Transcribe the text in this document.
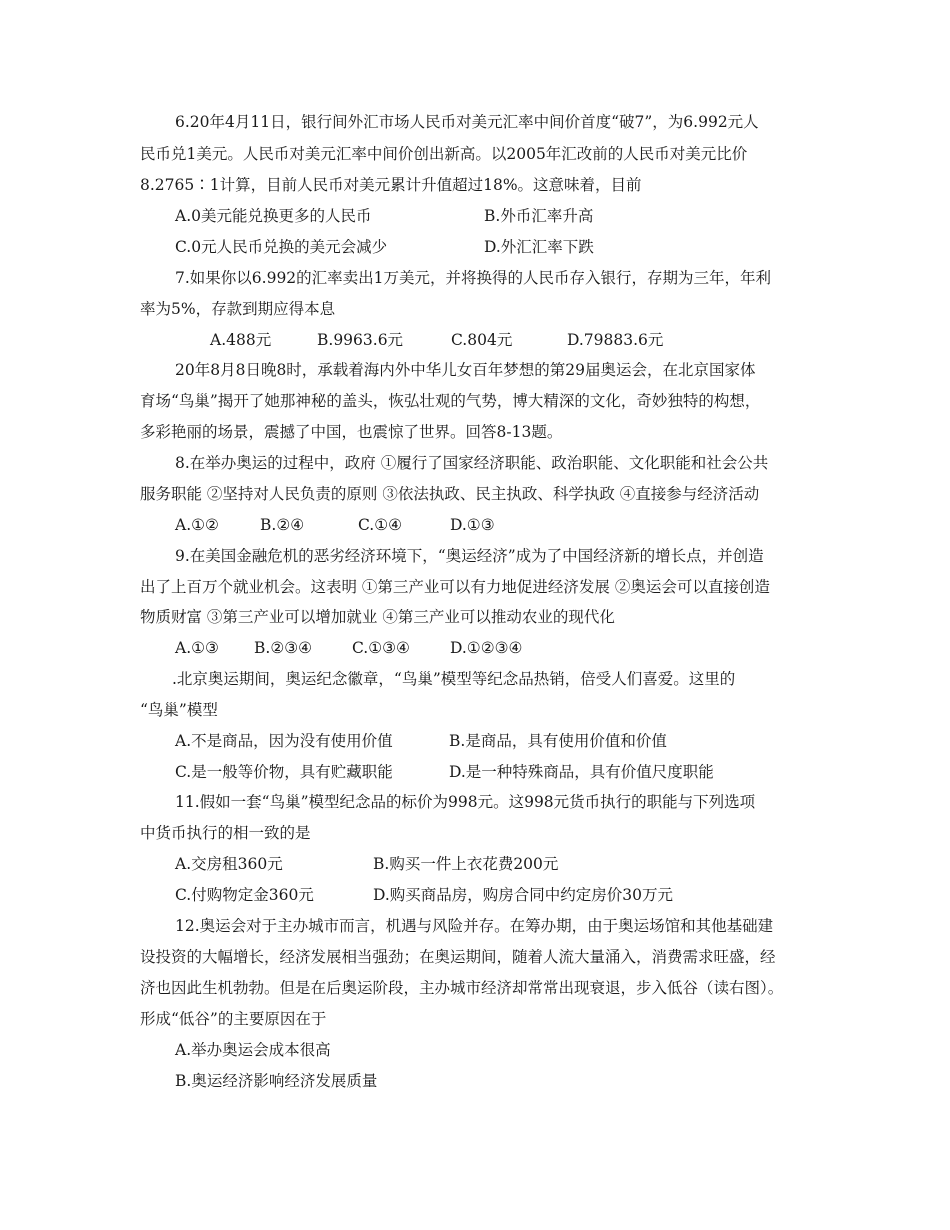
6.20年4月11日，银行间外汇市场人民币对美元汇率中间价首度“破7”，为6.992元人
民币兑1美元。人民币对美元汇率中间价创出新高。以2005年汇改前的人民币对美元比价
8.2765∶1计算，目前人民币对美元累计升值超过18%。这意味着，目前
A.0美元能兑换更多的人民币	B.外币汇率升高
C.0元人民币兑换的美元会减少	D.外汇汇率下跌
7.如果你以6.992的汇率卖出1万美元，并将换得的人民币存入银行，存期为三年，年利
率为5%，存款到期应得本息
A.488元	B.9963.6元	C.804元	D.79883.6元
20年8月8日晚8时，承载着海内外中华儿女百年梦想的第29届奥运会，在北京国家体
育场“鸟巢”揭开了她那神秘的盖头，恢弘壮观的气势，博大精深的文化，奇妙独特的构想，
多彩艳丽的场景，震撼了中国，也震惊了世界。回答8-13题。
8.在举办奥运的过程中，政府 ①履行了国家经济职能、政治职能、文化职能和社会公共
服务职能 ②坚持对人民负责的原则 ③依法执政、民主执政、科学执政 ④直接参与经济活动
A.①②	B.②④	C.①④	D.①③
9.在美国金融危机的恶劣经济环境下，“奥运经济”成为了中国经济新的增长点，并创造
出了上百万个就业机会。这表明 ①第三产业可以有力地促进经济发展 ②奥运会可以直接创造
物质财富 ③第三产业可以增加就业 ④第三产业可以推动农业的现代化
A.①③ B.②③④	C.①③④	D.①②③④
.北京奥运期间，奥运纪念徽章，“鸟巢”模型等纪念品热销，倍受人们喜爱。这里的
“鸟巢”模型
A.不是商品，因为没有使用价值	B.是商品，具有使用价值和价值
C.是一般等价物，具有贮藏职能	D.是一种特殊商品，具有价值尺度职能
11.假如一套“鸟巢”模型纪念品的标价为998元。这998元货币执行的职能与下列选项
中货币执行的相一致的是
A.交房租360元	B.购买一件上衣花费200元
C.付购物定金360元	D.购买商品房，购房合同中约定房价30万元
12.奥运会对于主办城市而言，机遇与风险并存。在筹办期，由于奥运场馆和其他基础建
设投资的大幅增长，经济发展相当强劲；在奥运期间，随着人流大量涌入，消费需求旺盛，经
济也因此生机勃勃。但是在后奥运阶段，主办城市经济却常常出现衰退，步入低谷（读右图）。
形成“低谷”的主要原因在于
A.举办奥运会成本很高
B.奥运经济影响经济发展质量
